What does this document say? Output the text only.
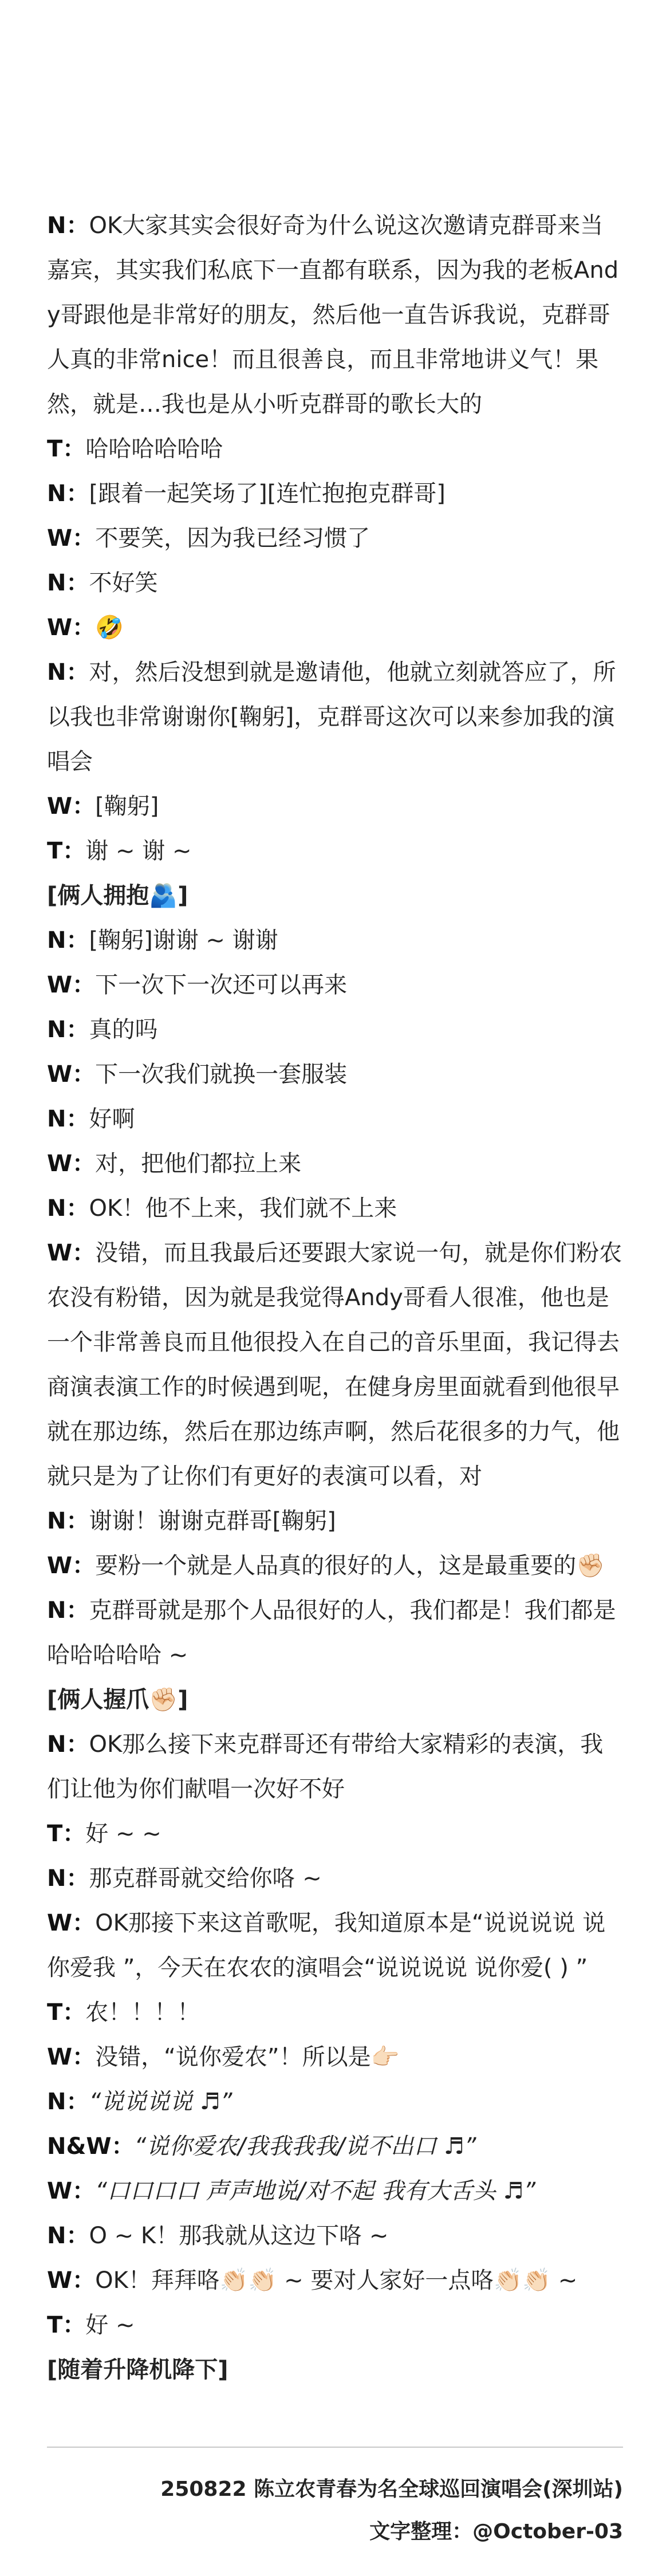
N ： OK大家其实会很好奇为什么说这次邀请克群哥来当嘉宾，其实我们私底下一直都有联系，因为我的老板Andy哥跟他是非常好的朋友，然后他一直告诉我说，克群哥人真的非常nice！而且很善良，而且非常地讲义气！果然，就是…我也是从小听克群哥的歌长大的

T ： 哈哈哈哈哈哈

N ： [跟着一起笑场了][连忙抱抱克群哥]

W ： 不要笑，因为我已经习惯了

N ： 不好笑

W ： 🤣

N ： 对，然后没想到就是邀请他，他就立刻就答应了，所以我也非常谢谢你[鞠躬]，克群哥这次可以来参加我的演唱会

W ： [鞠躬]

T ： 谢 ~ 谢 ~

[俩人拥抱🫂]

N ： [鞠躬]谢谢 ~ 谢谢

W ： 下一次下一次还可以再来

N ： 真的吗

W ： 下一次我们就换一套服装

N ： 好啊

W ： 对，把他们都拉上来

N ： OK！他不上来，我们就不上来

W ： 没错，而且我最后还要跟大家说一句，就是你们粉农农没有粉错，因为就是我觉得Andy哥看人很准，他也是一个非常善良而且他很投入在自己的音乐里面，我记得去商演表演工作的时候遇到呢，在健身房里面就看到他很早就在那边练，然后在那边练声啊，然后花很多的力气，他就只是为了让你们有更好的表演可以看，对

N ： 谢谢！谢谢克群哥[鞠躬]

W ： 要粉一个就是人品真的很好的人，这是最重要的✊🏻

N ： 克群哥就是那个人品很好的人，我们都是！我们都是哈哈哈哈哈 ~

[俩人握爪✊🏻]

N ： OK那么接下来克群哥还有带给大家精彩的表演，我们让他为你们献唱一次好不好

T ： 好 ~ ~

N ： 那克群哥就交给你咯 ~

W ： OK那接下来这首歌呢，我知道原本是“说说说说 说你爱我 ”，今天在农农的演唱会“说说说说 说你爱( ) ”

T ： 农！！！！

W ： 没错，“说你爱农”！所以是👉🏻

N ： “说说说说 ♬”

N&W ： “说你爱农/我我我我/说不出口 ♬”

W ： “口口口口 声声地说/对不起 我有大舌头 ♬”

N ： O ~ K！那我就从这边下咯 ~

W ： OK！拜拜咯👏🏻👏🏻 ~ 要对人家好一点咯👏🏻👏🏻 ~

T ： 好 ~

[随着升降机降下]

250822 陈立农青春为名全球巡回演唱会(深圳站)
文字整理：@October-03
